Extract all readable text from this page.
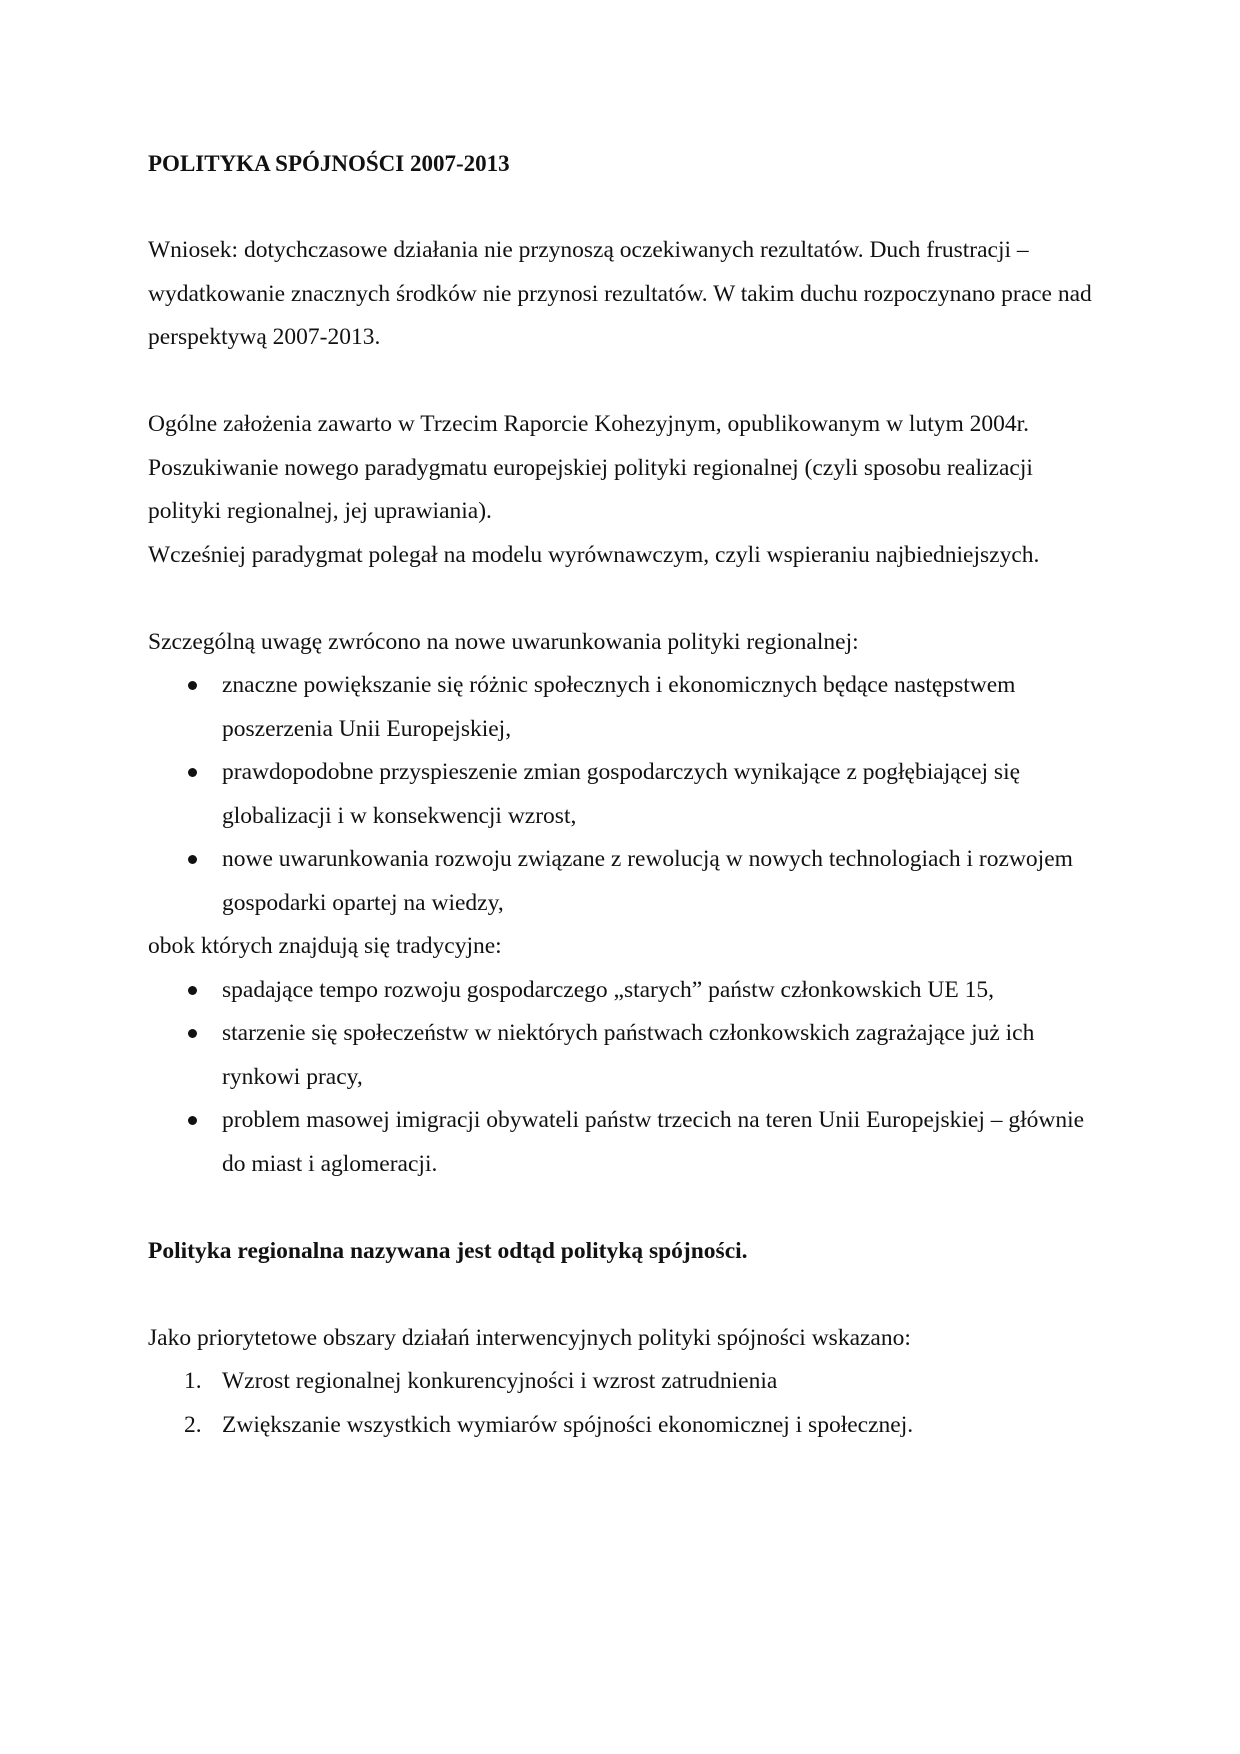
POLITYKA SPÓJNOŚCI 2007-2013

Wniosek: dotychczasowe działania nie przynoszą oczekiwanych rezultatów. Duch frustracji – wydatkowanie znacznych środków nie przynosi rezultatów. W takim duchu rozpoczynano prace nad perspektywą 2007-2013.

Ogólne założenia zawarto w Trzecim Raporcie Kohezyjnym, opublikowanym w lutym 2004r. Poszukiwanie nowego paradygmatu europejskiej polityki regionalnej (czyli sposobu realizacji polityki regionalnej, jej uprawiania).

Wcześniej paradygmat polegał na modelu wyrównawczym, czyli wspieraniu najbiedniejszych.

Szczególną uwagę zwrócono na nowe uwarunkowania polityki regionalnej:

znaczne powiększanie się różnic społecznych i ekonomicznych będące następstwem poszerzenia Unii Europejskiej,
prawdopodobne przyspieszenie zmian gospodarczych wynikające z pogłębiającej się globalizacji i w konsekwencji wzrost,
nowe uwarunkowania rozwoju związane z rewolucją w nowych technologiach i rozwojem gospodarki opartej na wiedzy,

obok których znajdują się tradycyjne:

spadające tempo rozwoju gospodarczego „starych” państw członkowskich UE 15,
starzenie się społeczeństw w niektórych państwach członkowskich zagrażające już ich rynkowi pracy,
problem masowej imigracji obywateli państw trzecich na teren Unii Europejskiej – głównie do miast i aglomeracji.

Polityka regionalna nazywana jest odtąd polityką spójności.

Jako priorytetowe obszary działań interwencyjnych polityki spójności wskazano:

1. Wzrost regionalnej konkurencyjności i wzrost zatrudnienia
2. Zwiększanie wszystkich wymiarów spójności ekonomicznej i społecznej.
